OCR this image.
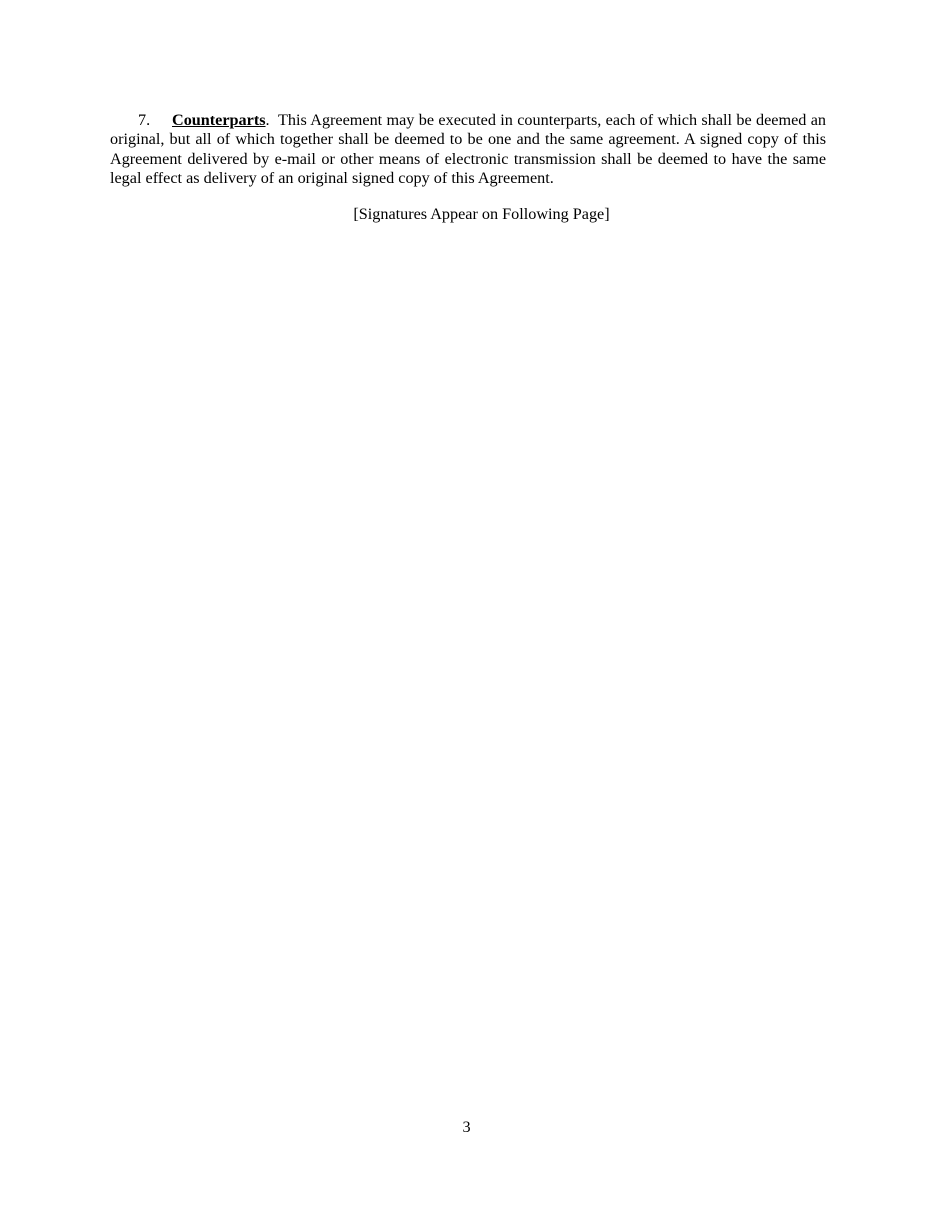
7. Counterparts.  This Agreement may be executed in counterparts, each of which shall be deemed an original, but all of which together shall be deemed to be one and the same agreement. A signed copy of this Agreement delivered by e-mail or other means of electronic transmission shall be deemed to have the same legal effect as delivery of an original signed copy of this Agreement.

[Signatures Appear on Following Page]
3
